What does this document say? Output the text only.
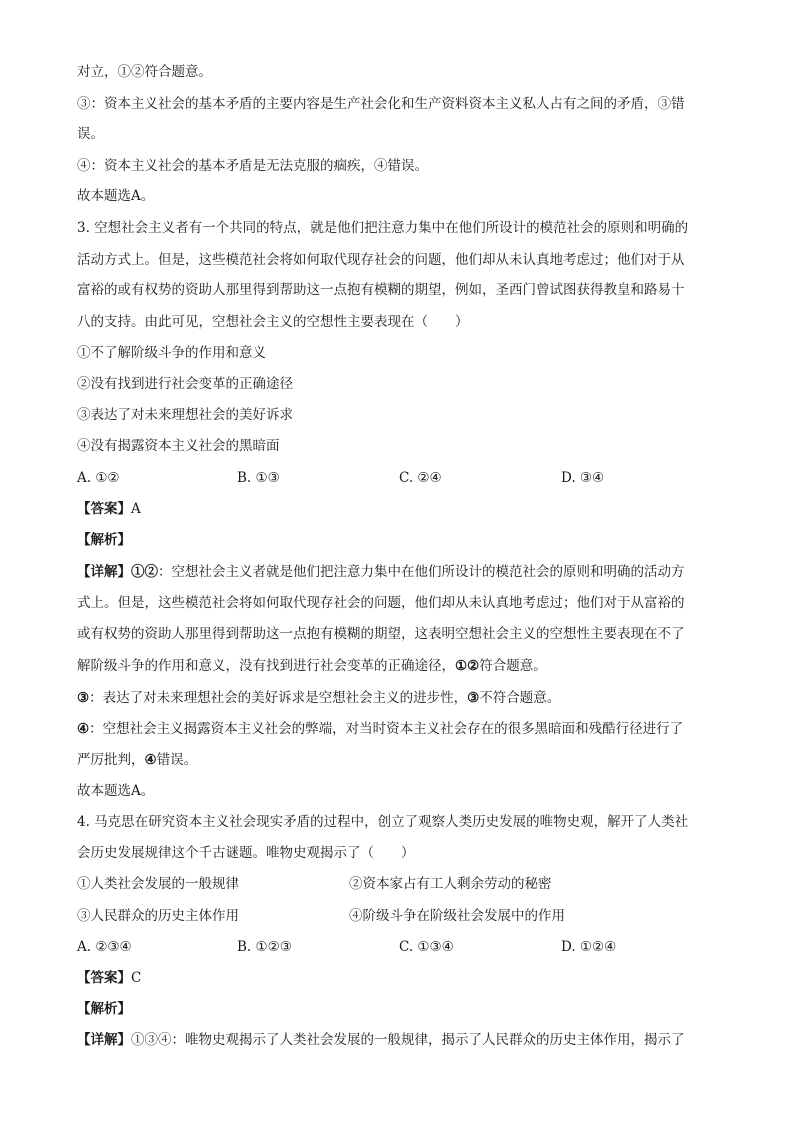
对立，①②符合题意。
③：资本主义社会的基本矛盾的主要内容是生产社会化和生产资料资本主义私人占有之间的矛盾，③错
误。
④：资本主义社会的基本矛盾是无法克服的痼疾，④错误。
故本题选A。
3. 空想社会主义者有一个共同的特点，就是他们把注意力集中在他们所设计的模范社会的原则和明确的
活动方式上。但是，这些模范社会将如何取代现存社会的问题，他们却从未认真地考虑过；他们对于从
富裕的或有权势的资助人那里得到帮助这一点抱有模糊的期望，例如，圣西门曾试图获得教皇和路易十
八的支持。由此可见，空想社会主义的空想性主要表现在（　　）
①不了解阶级斗争的作用和意义
②没有找到进行社会变革的正确途径
③表达了对未来理想社会的美好诉求
④没有揭露资本主义社会的黑暗面
A. ①②	B. ①③	C. ②④	D. ③④
【答案】A
【解析】
【详解】①②：空想社会主义者就是他们把注意力集中在他们所设计的模范社会的原则和明确的活动方
式上。但是，这些模范社会将如何取代现存社会的问题，他们却从未认真地考虑过；他们对于从富裕的
或有权势的资助人那里得到帮助这一点抱有模糊的期望，这表明空想社会主义的空想性主要表现在不了
解阶级斗争的作用和意义，没有找到进行社会变革的正确途径，①②符合题意。
③：表达了对未来理想社会的美好诉求是空想社会主义的进步性，③不符合题意。
④：空想社会主义揭露资本主义社会的弊端，对当时资本主义社会存在的很多黑暗面和残酷行径进行了
严厉批判，④错误。
故本题选A。
4. 马克思在研究资本主义社会现实矛盾的过程中，创立了观察人类历史发展的唯物史观，解开了人类社
会历史发展规律这个千古谜题。唯物史观揭示了（　　）
①人类社会发展的一般规律	②资本家占有工人剩余劳动的秘密
③人民群众的历史主体作用	④阶级斗争在阶级社会发展中的作用
A. ②③④	B. ①②③	C. ①③④	D. ①②④
【答案】C
【解析】
【详解】①③④：唯物史观揭示了人类社会发展的一般规律，揭示了人民群众的历史主体作用，揭示了
